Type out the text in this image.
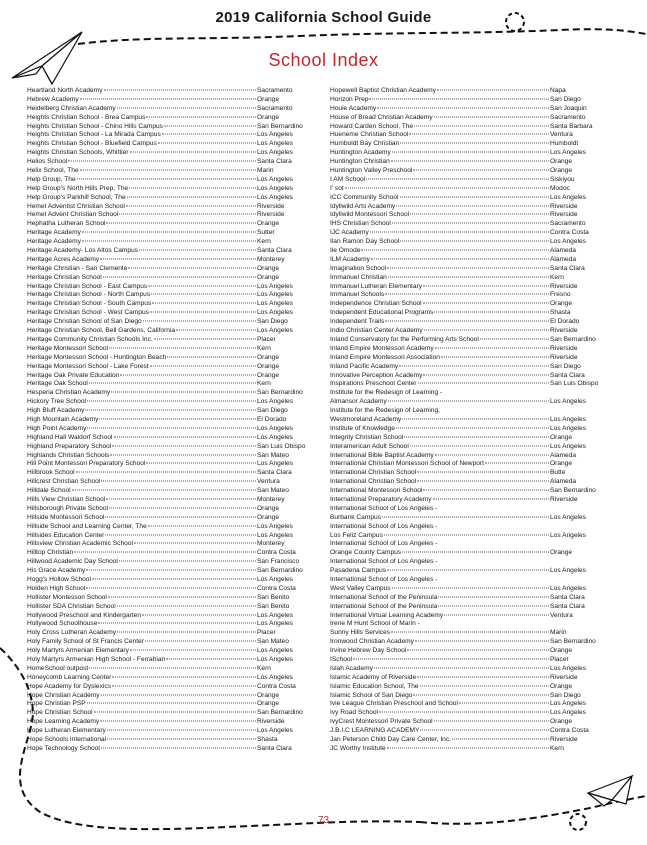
2019 California School Guide
School Index
Heartland North Academy	Sacramento
Hebrew Academy	Orange
Heidelberg Christian Academy	Sacramento
Heights Christian School - Brea Campus	Orange
Heights Christian School - Chino Hills Campus	San Bernardino
Heights Christian School - La Mirada Campus	Los Angeles
Heights Christian School - Bluefield Campus	Los Angeles
Heights Christian Schools, Whittier	Los Angeles
Helios School	Santa Clara
Helix School, The	Marin
Help Group, The	Los Angeles
Help Group's North Hills Prep, The	Los Angeles
Help Group's Parkhill School, The	Los Angeles
Hemet Adventist Christian School	Riverside
Hemet Advent Christian School	Riverside
Hephatha Lutheran School	Orange
Heritage Academy	Sutter
Heritage Academy	Kern
Heritage Academy- Los Altos Campus	Santa Clara
Heritage Acres Academy	Monterey
Heritage Christian - San Clemente	Orange
Heritage Christian School	Orange
Heritage Christian School - East Campus	Los Angeles
Heritage Christian School - North Campus	Los Angeles
Heritage Christian School - South Campus	Los Angeles
Heritage Christian School - West Campus	Los Angeles
Heritage Christian School of San Diego	San Diego
Heritage Christian School, Bell Gardens, California	Los Angeles
Heritage Community Christian Schools Inc.	Placer
Heritage Montessori School	Kern
Heritage Montessori School - Huntington Beach	Orange
Heritage Montessori School - Lake Forest	Orange
Heritage Oak Private Education	Orange
Heritage Oak School	Kern
Hesperia Christian Academy	San Bernardino
Hickory Tree School	Los Angeles
High Bluff Academy	San Diego
High Mountain Academy	El Dorado
High Point Academy	Los Angeles
Highland Hall Waldorf School	Los Angeles
Highland Preparatory School	San Luis Obispo
Highlands Christian Schools	San Mateo
Hill Point Montessori Preparatory School	Los Angeles
Hillbrook School	Santa Clara
Hillcrest Christian School	Ventura
Hilldale School	San Mateo
Hills View Christian School	Monterey
Hillsborough Private School	Orange
Hillside Montessori School	Orange
Hillside School and Learning Center, The	Los Angeles
Hillsides Education Center	Los Angeles
Hillsview Christian Academic School	Monterey
Hilltop Christian	Contra Costa
Hillwood Academic Day School	San Francisco
His Grace Academy	San Bernardino
Hogg's Hollow School	Los Angeles
Holden High School	Contra Costa
Hollister Montessori School	San Benito
Hollister SDA Christian School	San Benito
Hollywood Preschool and Kindergarten	Los Angeles
Hollywood Schoolhouse	Los Angeles
Holy Cross Lutheran Academy	Placer
Holy Family School of St Francis Center	San Mateo
Holy Martyrs Armenian Elementary	Los Angeles
Holy Martyrs Armenian High School - Ferrahian	Los Angeles
HomeSchool outpost	Kern
Honeycomb Learning Center	Los Angeles
Hope Academy for Dyslexics	Contra Costa
Hope Christian Academy	Orange
Hope Christian PSP	Orange
Hope Christian School	San Bernardino
Hope Learning Academy	Riverside
Hope Lutheran Elementary	Los Angeles
Hope Schools International	Shasta
Hope Technology School	Santa Clara
Hopewell Baptist Christian Academy	Napa
Horizon Prep	San Diego
Houle Academy	San Joaquin
House of Bread Christian Academy	Sacramento
Howard Carden School, The	Santa Barbara
Hueneme Christian School	Ventura
Humboldt Bay Christian	Humboldt
Huntington Academy	Los Angeles
Huntington Christian	Orange
Huntington Valley Preschool	Orange
I AM School	Siskiyou
I' sot	Modoc
ICC Community School	Los Angeles
Idyllwild Arts Academy	Riverside
Idyllwild Montessori School	Riverside
IHS Christian School	Sacramento
IJC Academy	Contra Costa
Ilan Ramon Day School	Los Angeles
Ile Omode	Alameda
ILM Academy	Alameda
Imagination School	Santa Clara
Immanuel Christian	Kern
Immanuel Lutheran Elementary	Riverside
Immanuel Schools	Fresno
Independence Christian School	Orange
Independent Educational Programs	Shasta
Independent Trails	El Dorado
Indio Christian Center Academy	Riverside
Inland Conservatory for the Performing Arts School	San Bernardino
Inland Empire Montessori Academy	Riverside
Inland Empire Montessori Association	Riverside
Inland Pacific Academy	San Diego
Innovative Perception Academy	Santa Clara
Inspirations Preschool Center	San Luis Obispo
Institute for the Redesign of Learning -
Almansor Academy	Los Angeles
Institute for the Redesign of Learning,
Westmoreland Academy	Los Angeles
Institute of Knowledge	Los Angeles
Integrity Christian School	Orange
Interamerican Adult School	Los Angeles
International Bible Baptist Academy	Alameda
International Christian Montessori School of Newport	Orange
International Christian School	Butte
International Christian School	Alameda
International Montessori School	San Bernardino
International Preparatory Academy	Riverside
International School of Los Angeles -
Burbank Campus	Los Angeles
International School of Los Angeles -
Los Feliz Campus	Los Angeles
International School of Los Angeles -
Orange County Campus	Orange
International School of Los Angeles -
Pasadena Campus	Los Angeles
International School of Los Angeles -
West Valley Campus	Los Angeles
International School of the Peninsula	Santa Clara
International School of the Peninsula	Santa Clara
International Virtual Learning Academy	Ventura
Irene M Hunt School of Marin -
Sunny Hills Services	Marin
Ironwood Christian Academy	San Bernardino
Irvine Hebrew Day School	Orange
ISchool	Placer
Islah Academy	Los Angeles
Islamic Academy of Riverside	Riverside
Islamic Education School, The	Orange
Islamic School of San Diego	San Diego
Ivie League Christian Preschool and School	Los Angeles
Ivy Road School	Los Angeles
IvyCrest Montessori Private School	Orange
J.B.I.C LEARNING ACADEMY	Contra Costa
Jan Peterson Child Day Care Center, Inc.	Riverside
JC Worthy Institute	Kern
73
